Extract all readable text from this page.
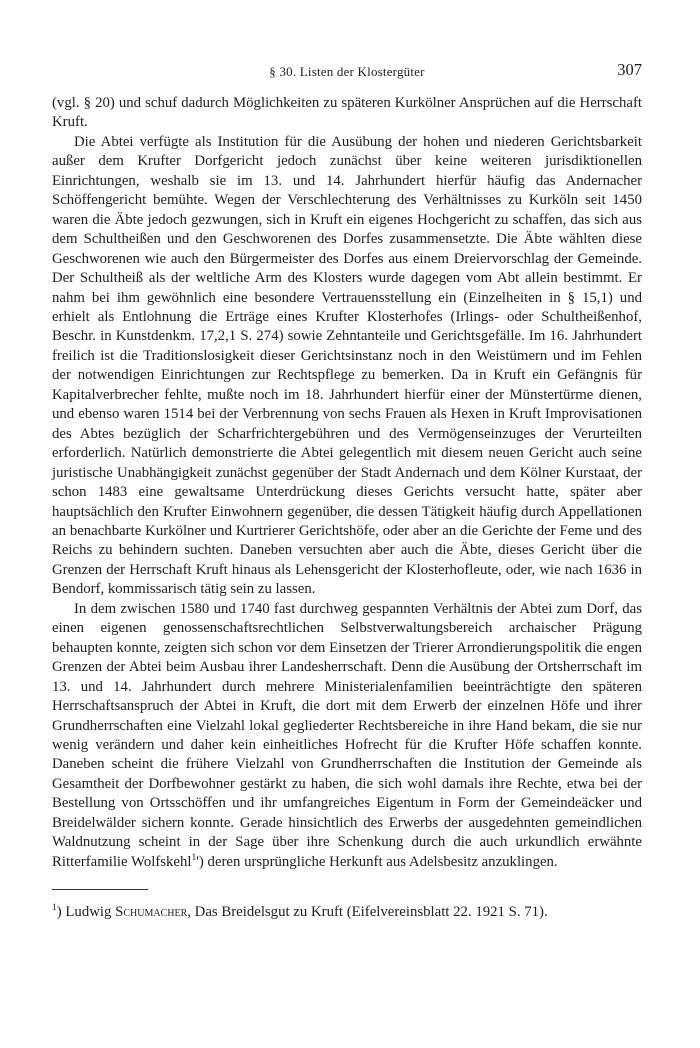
§ 30. Listen der Klostergüter	307

(vgl. § 20) und schuf dadurch Möglichkeiten zu späteren Kurkölner Ansprüchen auf die Herrschaft Kruft.

Die Abtei verfügte als Institution für die Ausübung der hohen und niederen Gerichtsbarkeit außer dem Krufter Dorfgericht jedoch zunächst über keine weiteren jurisdiktionellen Einrichtungen, weshalb sie im 13. und 14. Jahrhundert hierfür häufig das Andernacher Schöffengericht bemühte. Wegen der Verschlechterung des Verhältnisses zu Kurköln seit 1450 waren die Äbte jedoch gezwungen, sich in Kruft ein eigenes Hochgericht zu schaffen, das sich aus dem Schultheißen und den Geschworenen des Dorfes zusammensetzte. Die Äbte wählten diese Geschworenen wie auch den Bürgermeister des Dorfes aus einem Dreiervorschlag der Gemeinde. Der Schultheiß als der weltliche Arm des Klosters wurde dagegen vom Abt allein bestimmt. Er nahm bei ihm gewöhnlich eine besondere Vertrauensstellung ein (Einzelheiten in § 15,1) und erhielt als Entlohnung die Erträge eines Krufter Klosterhofes (Irlings- oder Schultheißenhof, Beschr. in Kunstdenkm. 17,2,1 S. 274) sowie Zehntanteile und Gerichtsgefälle. Im 16. Jahrhundert freilich ist die Traditionslosigkeit dieser Gerichtsinstanz noch in den Weistümern und im Fehlen der notwendigen Einrichtungen zur Rechtspflege zu bemerken. Da in Kruft ein Gefängnis für Kapitalverbrecher fehlte, mußte noch im 18. Jahrhundert hierfür einer der Münstertürme dienen, und ebenso waren 1514 bei der Verbrennung von sechs Frauen als Hexen in Kruft Improvisationen des Abtes bezüglich der Scharfrichtergebühren und des Vermögenseinzuges der Verurteilten erforderlich. Natürlich demonstrierte die Abtei gelegentlich mit diesem neuen Gericht auch seine juristische Unabhängigkeit zunächst gegenüber der Stadt Andernach und dem Kölner Kurstaat, der schon 1483 eine gewaltsame Unterdrückung dieses Gerichts versucht hatte, später aber hauptsächlich den Krufter Einwohnern gegenüber, die dessen Tätigkeit häufig durch Appellationen an benachbarte Kurkölner und Kurtrierer Gerichtshöfe, oder aber an die Gerichte der Feme und des Reichs zu behindern suchten. Daneben versuchten aber auch die Äbte, dieses Gericht über die Grenzen der Herrschaft Kruft hinaus als Lehensgericht der Klosterhofleute, oder, wie nach 1636 in Bendorf, kommissarisch tätig sein zu lassen.

In dem zwischen 1580 und 1740 fast durchweg gespannten Verhältnis der Abtei zum Dorf, das einen eigenen genossenschaftsrechtlichen Selbstverwaltungsbereich archaischer Prägung behaupten konnte, zeigten sich schon vor dem Einsetzen der Trierer Arrondierungspolitik die engen Grenzen der Abtei beim Ausbau ihrer Landesherrschaft. Denn die Ausübung der Ortsherrschaft im 13. und 14. Jahrhundert durch mehrere Ministerialenfamilien beeinträchtigte den späteren Herrschaftsanspruch der Abtei in Kruft, die dort mit dem Erwerb der einzelnen Höfe und ihrer Grundherrschaften eine Vielzahl lokal gegliederter Rechtsbereiche in ihre Hand bekam, die sie nur wenig verändern und daher kein einheitliches Hofrecht für die Krufter Höfe schaffen konnte. Daneben scheint die frühere Vielzahl von Grundherrschaften die Institution der Gemeinde als Gesamtheit der Dorfbewohner gestärkt zu haben, die sich wohl damals ihre Rechte, etwa bei der Bestellung von Ortsschöffen und ihr umfangreiches Eigentum in Form der Gemeindeäcker und Breidelwälder sichern konnte. Gerade hinsichtlich des Erwerbs der ausgedehnten gemeindlichen Waldnutzung scheint in der Sage über ihre Schenkung durch die auch urkundlich erwähnte Ritterfamilie Wolfskehl$^1$') deren ursprüngliche Herkunft aus Adelsbesitz anzuklingen.

$^1$) Ludwig Schumacher, Das Breidelsgut zu Kruft (Eifelvereinsblatt 22. 1921 S. 71).
